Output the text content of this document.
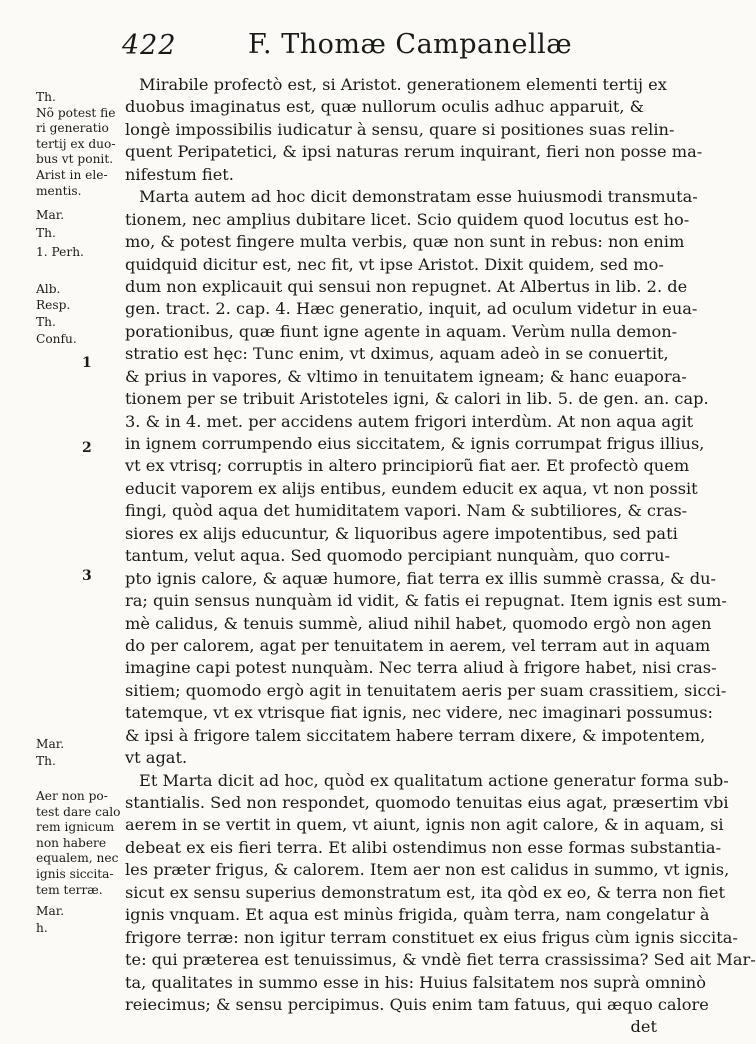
422	F. Thomæ Campanellæ
Mirabile profectò est, si Aristot. generationem elementi tertij ex
duobus imaginatus est, quæ nullorum oculis adhuc apparuit, &
longè impossibilis iudicatur à sensu, quare si positiones suas relin-
quent Peripatetici, & ipsi naturas rerum inquirant, fieri non posse ma-
nifestum fiet.
Marta autem ad hoc dicit demonstratam esse huiusmodi transmuta-
tionem, nec amplius dubitare licet. Scio quidem quod locutus est ho-
mo, & potest fingere multa verbis, quæ non sunt in rebus: non enim
quidquid dicitur est, nec fit, vt ipse Aristot. Dixit quidem, sed mo-
dum non explicauit qui sensui non repugnet. At Albertus in lib. 2. de
gen. tract. 2. cap. 4. Hæc generatio, inquit, ad oculum videtur in eua-
porationibus, quæ fiunt igne agente in aquam. Verùm nulla demon-
stratio est hęc: Tunc enim, vt dximus, aquam adeò in se conuertit,
& prius in vapores, & vltimo in tenuitatem igneam; & hanc euapora-
tionem per se tribuit Aristoteles igni, & calori in lib. 5. de gen. an. cap.
3. & in 4. met. per accidens autem frigori interdùm. At non aqua agit
in ignem corrumpendo eius siccitatem, & ignis corrumpat frigus illius,
vt ex vtrisq; corruptis in altero principiorũ fiat aer. Et profectò quem
educit vaporem ex alijs entibus, eundem educit ex aqua, vt non possit
fingi, quòd aqua det humiditatem vapori. Nam & subtiliores, & cras-
siores ex alijs educuntur, & liquoribus agere impotentibus, sed pati
tantum, velut aqua. Sed quomodo percipiant nunquàm, quo corru-
pto ignis calore, & aquæ humore, fiat terra ex illis summè crassa, & du-
ra; quin sensus nunquàm id vidit, & fatis ei repugnat. Item ignis est sum-
mè calidus, & tenuis summè, aliud nihil habet, quomodo ergò non agen
do per calorem, agat per tenuitatem in aerem, vel terram aut in aquam
imagine capi potest nunquàm. Nec terra aliud à frigore habet, nisi cras-
sitiem; quomodo ergò agit in tenuitatem aeris per suam crassitiem, sicci-
tatemque, vt ex vtrisque fiat ignis, nec videre, nec imaginari possumus:
& ipsi à frigore talem siccitatem habere terram dixere, & impotentem,
vt agat.
Et Marta dicit ad hoc, quòd ex qualitatum actione generatur forma sub-
stantialis. Sed non respondet, quomodo tenuitas eius agat, præsertim vbi
aerem in se vertit in quem, vt aiunt, ignis non agit calore, & in aquam, si
debeat ex eis fieri terra. Et alibi ostendimus non esse formas substantia-
les præter frigus, & calorem. Item aer non est calidus in summo, vt ignis,
sicut ex sensu superius demonstratum est, ita qòd ex eo, & terra non fiet
ignis vnquam. Et aqua est minùs frigida, quàm terra, nam congelatur à
frigore terræ: non igitur terram constituet ex eius frigus cùm ignis siccita-
te: qui præterea est tenuissimus, & vndè fiet terra crassissima? Sed ait Mar-
ta, qualitates in summo esse in his: Huius falsitatem nos suprà omninò
reiecimus; & sensu percipimus. Quis enim tam fatuus, qui æquo calore
det
Th.
Nõ potest fie
ri generatio
tertij ex duo-
bus vt ponit.
Arist in ele-
mentis.
Mar.
Th.
1. Perh.
Alb.
Resp.
Th.
Confu.
Mar.
Th.
Aer non po-
test dare calo
rem ignicum
non habere
equalem, nec
ignis siccita-
tem terræ.
Mar.
h.
1
2
3
